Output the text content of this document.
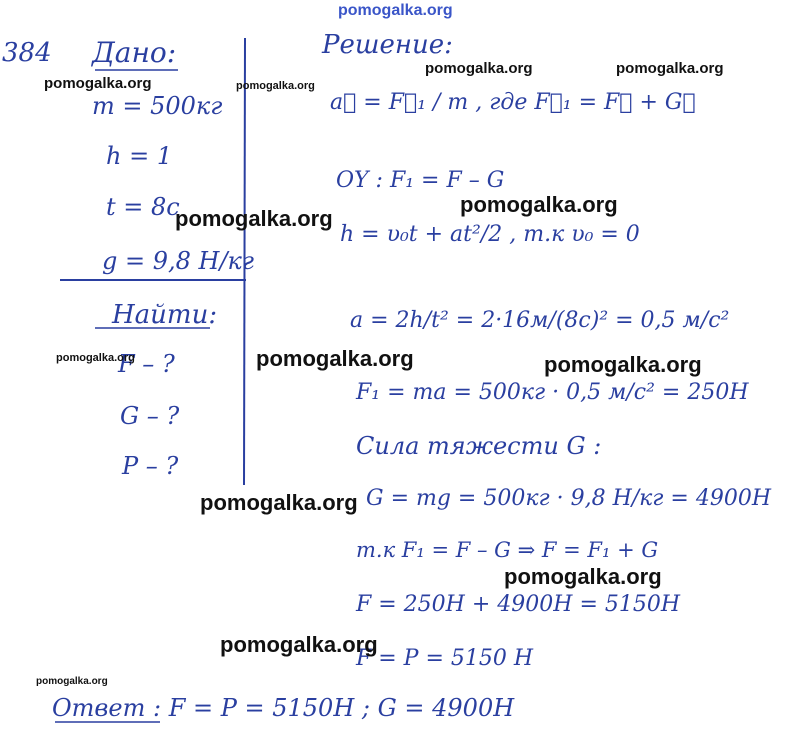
pomogalka.org
384 Дано:
m = 500кг
h = 1
t = 8c
g = 9,8 H/кг
Найти:
F – ?
G – ?
P – ?
Решение:
a⃗ = F⃗₁ / m , где F⃗₁ = F⃗ + G⃗
OY : F₁ = F – G
h = υ₀t + at²/2 , т.к υ₀ = 0
a = 2h/t² = 2·16м/(8c)² = 0,5 м/c²
F₁ = ma = 500кг · 0,5 м/c² = 250H
Сила тяжести G :
G = mg = 500кг · 9,8 H/кг = 4900H
т.к F₁ = F – G ⇒ F = F₁ + G
F = 250H + 4900H = 5150H
F = P = 5150 H
Ответ : F = P = 5150H ; G = 4900H
pomogalka.org	pomogalka.org
pomogalka.org	pomogalka.org
pomogalka.org
pomogalka.org
pomogalka.org	pomogalka.org	pomogalka.org
pomogalka.org
pomogalka.org
pomogalka.org
pomogalka.org
